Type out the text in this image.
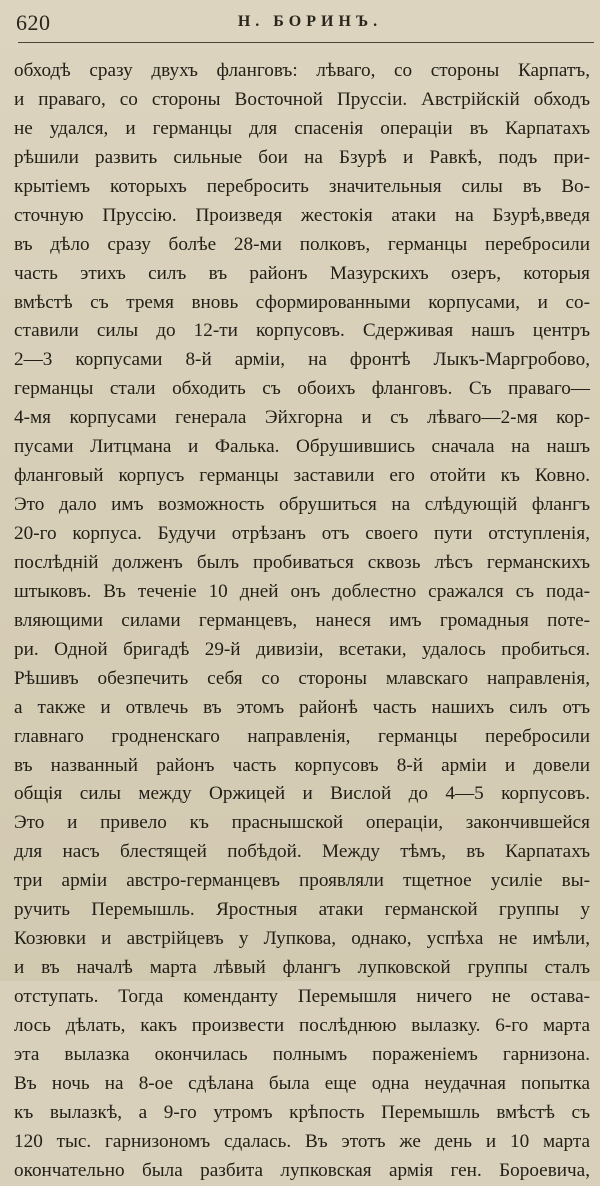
620	Н. БОРИНЪ.
обходѣ сразу двухъ фланговъ: лѣваго, со стороны Карпатъ,
и праваго, со стороны Восточной Пруссіи. Австрійскій обходъ
не удался, и германцы для спасенія операціи въ Карпатахъ
рѣшили развить сильные бои на Бзурѣ и Равкѣ, подъ при-
крытіемъ которыхъ перебросить значительныя силы въ Во-
сточную Пруссію. Произведя жестокія атаки на Бзурѣ,введя
въ дѣло сразу болѣе 28-ми полковъ, германцы перебросили
часть этихъ силъ въ районъ Мазурскихъ озеръ, которыя
вмѣстѣ съ тремя вновь сформированными корпусами, и со-
ставили силы до 12-ти корпусовъ. Сдерживая нашъ центръ
2—3 корпусами 8-й арміи, на фронтѣ Лыкъ-Маргробово,
германцы стали обходить съ обоихъ фланговъ. Съ праваго—
4-мя корпусами генерала Эйхгорна и съ лѣваго—2-мя кор-
пусами Литцмана и Фалька. Обрушившись сначала на нашъ
фланговый корпусъ германцы заставили его отойти къ Ковно.
Это дало имъ возможность обрушиться на слѣдующій флангъ
20-го корпуса. Будучи отрѣзанъ отъ своего пути отступленія,
послѣдній долженъ былъ пробиваться сквозь лѣсъ германскихъ
штыковъ. Въ теченіе 10 дней онъ доблестно сражался съ пода-
вляющими силами германцевъ, нанеся имъ громадныя поте-
ри. Одной бригадѣ 29-й дивизіи, всетаки, удалось пробиться.
Рѣшивъ обезпечить себя со стороны млавскаго направленія,
а также и отвлечь въ этомъ районѣ часть нашихъ силъ отъ
главнаго гродненскаго направленія, германцы перебросили
въ названный районъ часть корпусовъ 8-й арміи и довели
общія силы между Оржицей и Вислой до 4—5 корпусовъ.
Это и привело къ праснышской операціи, закончившейся
для насъ блестящей побѣдой. Между тѣмъ, въ Карпатахъ
три арміи австро-германцевъ проявляли тщетное усиліе вы-
ручить Перемышль. Яростныя атаки германской группы у
Козювки и австрійцевъ у Лупкова, однако, успѣха не имѣли,
и въ началѣ марта лѣвый флангъ лупковской группы сталъ
отступать. Тогда коменданту Перемышля ничего не остава-
лось дѣлать, какъ произвести послѣднюю вылазку. 6-го марта
эта вылазка окончилась полнымъ пораженіемъ гарнизона.
Въ ночь на 8-ое сдѣлана была еще одна неудачная попытка
къ вылазкѣ, а 9-го утромъ крѣпость Перемышль вмѣстѣ съ
120 тыс. гарнизономъ сдалась. Въ этотъ же день и 10 марта
окончательно была разбита лупковская армія ген. Бороевича,
